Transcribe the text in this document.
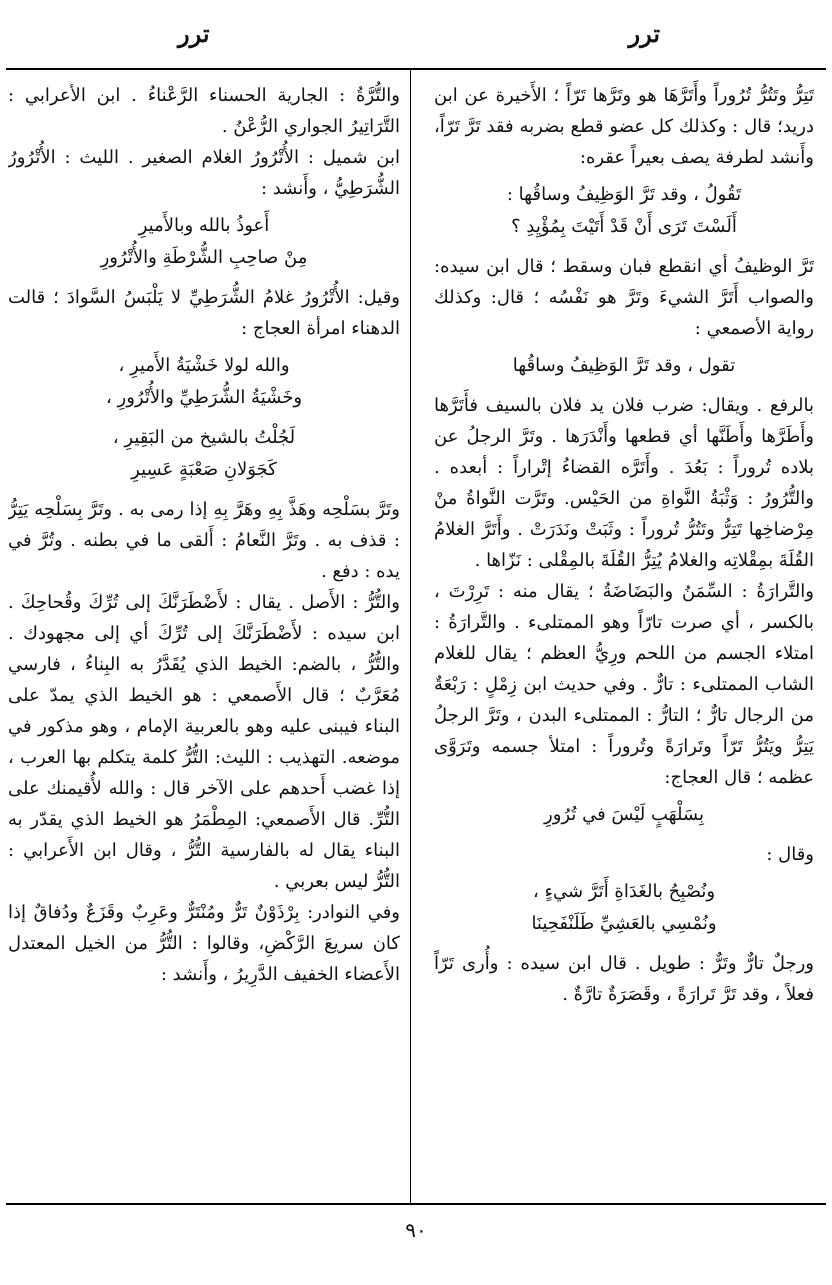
ترر
ترر

تَتِرُّ وتَتُرُّ تُرُوراً وأَتَرَّهَا هو وتَرَّها تَرّاً ؛ الأَخيرة عن ابن دريد؛ قال : وكذلك كل عضو قطع بضربه فقد تَرَّ تَرّاً، وأَنشد لطرفة يصف بعيراً عقره:

تَقُولُ ، وقد تَرَّ الوَظِيفُ وساقُها :
أَلَسْتَ تَرَى أَنْ قَدْ أَتَيْتَ بِمُؤْيِدِ ؟

تَرَّ الوظيفُ أي انقطع فبان وسقط ؛ قال ابن سيده: والصواب أَتَرَّ الشيءَ وتَرَّ هو نَفْسُه ؛ قال: وكذلك رواية الأصمعي :

تقول ، وقد تَرَّ الوَظِيفُ وساقُها

بالرفع . ويقال: ضرب فلان يد فلان بالسيف فأَتَرَّها وأَطَرَّها وأَطَنَّها أي قطعها وأَنْدَرَها . وتَرَّ الرجلُ عن بلاده تُروراً : بَعُدَ . وأَتَرَّه القضاءُ إتْراراً : أبعده . والتُّرُورُ : وَثْبَةُ النَّواةِ من الحَيْس. وتَرَّت النَّواةُ منْ مِرْضاخِها تَتِرُّ وتَتُرُّ تُروراً : وثَبَتْ ونَدَرَتْ . وأَتَرَّ الغلامُ القُلَةَ بمِقْلاتِه والغلامُ يُتِرُّ القُلَةَ بالمِقْلى : نَزّاها .

والتَّرارَةُ : السِّمَنُ والبَضَاضَةُ ؛ يقال منه : تَرِرْتَ ، بالكسر ، أي صرت تارّاً وهو الممتلىء . والتَّرارَةُ : امتلاء الجسم من اللحم ورِيُّ العظم ؛ يقال للغلام الشاب الممتلىء : تارٌّ . وفي حديث ابن زِمْلٍ : رَبْعَةٌ من الرجال تارٌّ ؛ التارُّ : الممتلىء البدن ، وتَرَّ الرجلُ يَتِرُّ ويَتُرُّ تَرّاً وتَرارَةً وتُروراً : امتلأ جسمه وتَرَوَّى عظمه ؛ قال العجاج:

بِسَلْهَبٍ لَيْسَ في تُرُورِ

وقال :

ونُصْبِحُ بالغَدَاةِ أَتَرَّ شيءٍ ،
ونُمْسِي بالعَشِيِّ طَلَنْفَحِينَا

ورجلٌ تارٌّ وتَرٌّ : طويل . قال ابن سيده : وأُرى تَرّاً فعلاً ، وقد تَرَّ تَرارَةً ، وقَصَرَةٌ تارَّةٌ .

والتُّرَّةُ : الجارية الحسناء الرَّعْناءُ . ابن الأعرابي : التَّرَاتِيرُ الجواري الرُّعْنُ .

ابن شميل : الأُتْرُورُ الغلام الصغير . الليث : الأُتْرُورُ الشُّرَطِيُّ ، وأَنشد :

أَعوذُ بالله وبالأَميرِ
مِنْ صاحِبِ الشُّرْطَةِ والأُتْرُورِ

وقيل: الأُتْرُورُ غلامُ الشُّرَطِيِّ لا يَلْبَسُ السَّوادَ ؛ قالت الدهناء امرأة العجاج :

والله لولا خَشْيَةُ الأَميرِ ،
وخَشْيَةُ الشُّرَطِيِّ والأُتْرُورِ ،
لَجُلْتُ بالشيخ من البَقِيرِ ،
كَجَوَلانِ صَعْبَةٍ عَسِيرِ

وتَرَّ بسَلْحِه وهَذَّ بِهِ وهَرَّ بِهِ إذا رمى به . وتَرَّ بِسَلْحِه يَتِرُّ : قذف به . وتَرَّ النَّعامُ : أَلقى ما في بطنه . وتُرَّ في يده : دفع .

والتُّرُّ : الأَصل . يقال : لأَضْطَرَنَّكَ إلى تُرِّكَ وقُحاحِكَ . ابن سيده : لأَضْطَرَنَّكَ إلى تُرِّكَ أي إلى مجهودك . والتُّرُّ ، بالضم: الخيط الذي يُقَدَّرُ به البِناءُ ، فارسي مُعَرَّبٌ ؛ قال الأَصمعي : هو الخيط الذي يمدّ على البناء فيبنى عليه وهو بالعربية الإمام ، وهو مذكور في موضعه. التهذيب : الليث: التُّرُّ كلمة يتكلم بها العرب ، إذا غضب أَحدهم على الآخر قال : والله لأُقيمنك على التُّرِّ. قال الأَصمعي: المِطْمَرُ هو الخيط الذي يقدّر به البناء يقال له بالفارسية التُّرُّ ، وقال ابن الأَعرابي : التُّرُّ ليس بعربي .

وفي النوادر: بِرْذَوْنٌ تَرٌّ ومُنْتَرٌّ وعَرِبٌ وقَزَعٌ ودُفاقٌ إذا كان سريعَ الرَّكْضِ، وقالوا : التُّرُّ من الخيل المعتدل الأَعضاء الخفيف الدَّرِيرُ ، وأَنشد :

٩٠
